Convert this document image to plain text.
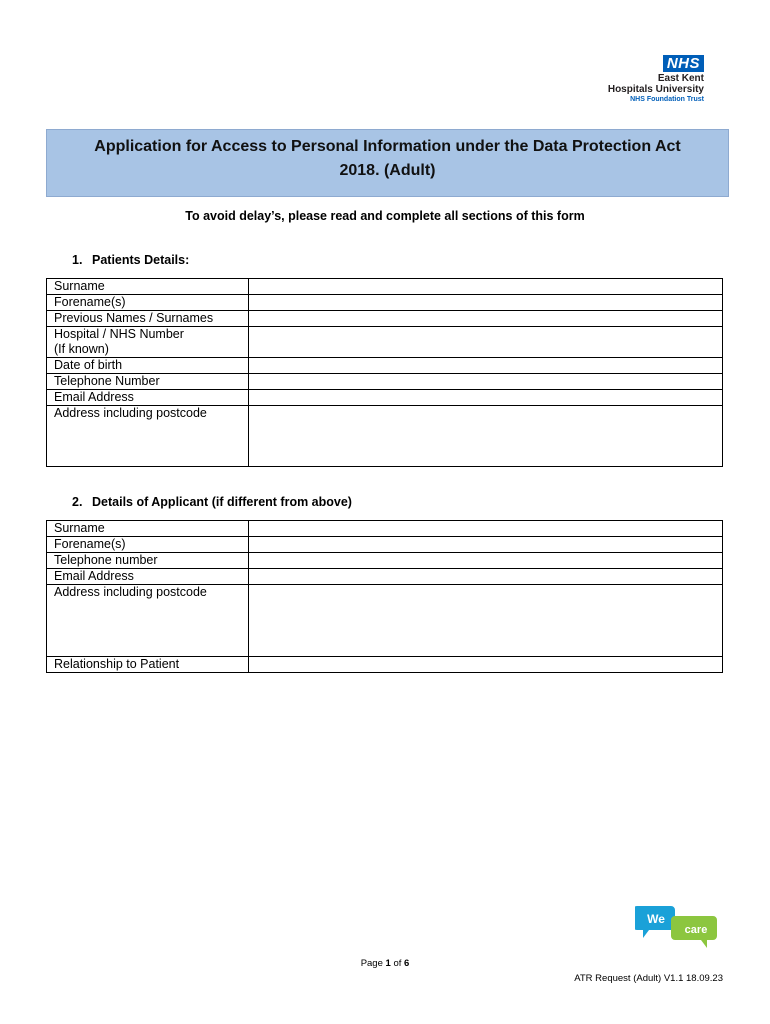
NHS
East Kent
Hospitals University
NHS Foundation Trust
Application for Access to Personal Information under the Data Protection Act
2018. (Adult)
To avoid delay’s, please read and complete all sections of this form
1. Patients Details:
Surname	
Forename(s)	
Previous Names / Surnames	

Hospital / NHS Number
(If known)	

Date of birth	
Telephone Number	
Email Address	
Address including postcode	
2. Details of Applicant (if different from above)
Surname	
Forename(s)	
Telephone number	
Email Address	
Address including postcode	
Relationship to Patient	
We
care
Page 1 of 6
ATR Request (Adult) V1.1 18.09.23
